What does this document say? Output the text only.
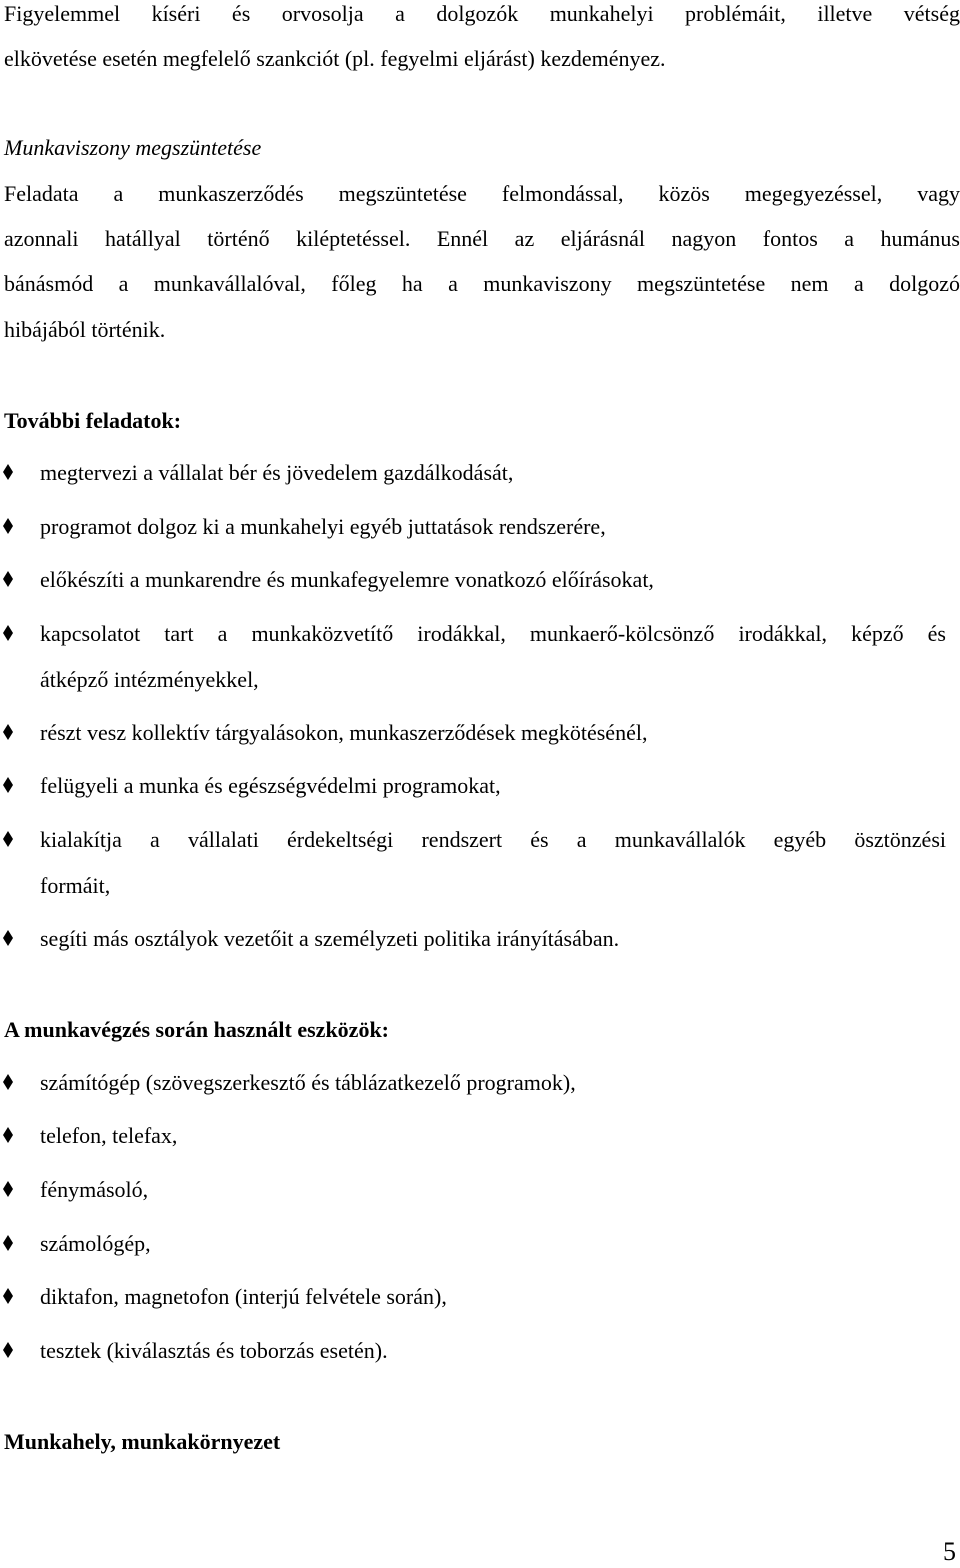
Figyelemmel kíséri és orvosolja a dolgozók munkahelyi problémáit, illetve vétség
elkövetése esetén megfelelő szankciót (pl. fegyelmi eljárást) kezdeményez.
Munkaviszony megszüntetése
Feladata a munkaszerződés megszüntetése felmondással, közös megegyezéssel, vagy
azonnali hatállyal történő kiléptetéssel. Ennél az eljárásnál nagyon fontos a humánus
bánásmód a munkavállalóval, főleg ha a munkaviszony megszüntetése nem a dolgozó
hibájából történik.
További feladatok:
megtervezi a vállalat bér és jövedelem gazdálkodását,
programot dolgoz ki a munkahelyi egyéb juttatások rendszerére,
előkészíti a munkarendre és munkafegyelemre vonatkozó előírásokat,
kapcsolatot tart a munkaközvetítő irodákkal, munkaerő-kölcsönző irodákkal, képző és
átképző intézményekkel,
részt vesz kollektív tárgyalásokon, munkaszerződések megkötésénél,
felügyeli a munka és egészségvédelmi programokat,
kialakítja a vállalati érdekeltségi rendszert és a munkavállalók egyéb ösztönzési
formáit,
segíti más osztályok vezetőit a személyzeti politika irányításában.
A munkavégzés során használt eszközök:
számítógép (szövegszerkesztő és táblázatkezelő programok),
telefon, telefax,
fénymásoló,
számológép,
diktafon, magnetofon (interjú felvétele során),
tesztek (kiválasztás és toborzás esetén).
Munkahely, munkakörnyezet
5
